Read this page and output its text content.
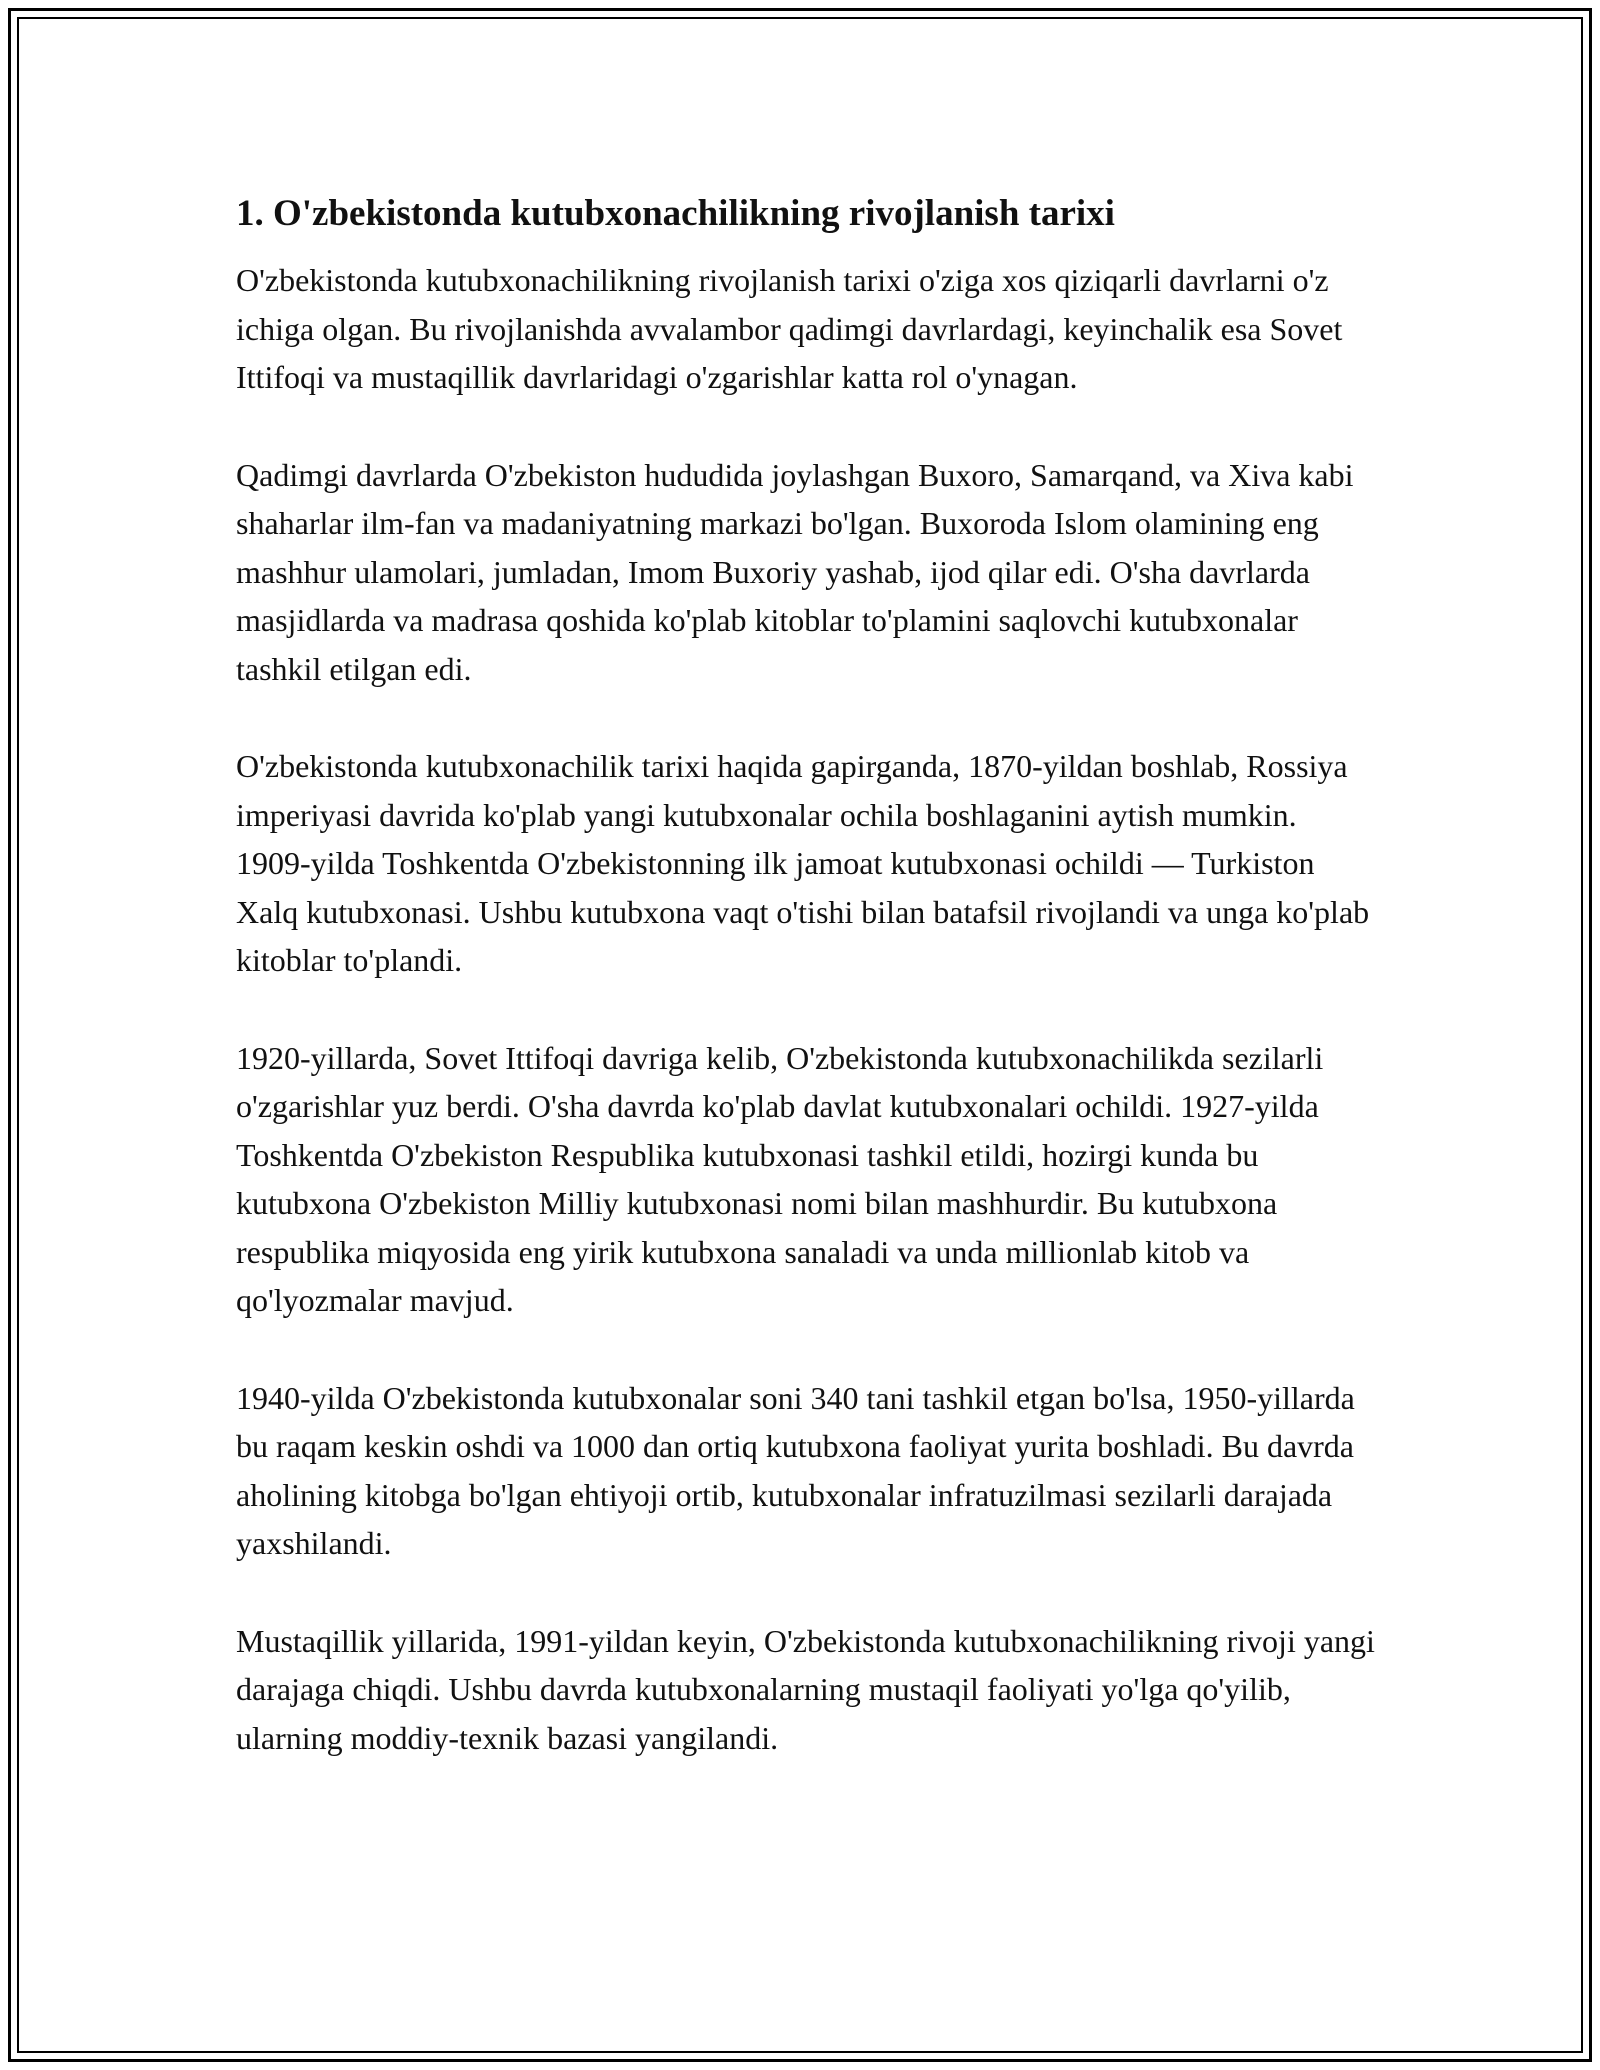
1. O'zbekistonda kutubxonachilikning rivojlanish tarixi

O'zbekistonda kutubxonachilikning rivojlanish tarixi o'ziga xos qiziqarli davrlarni o'z ichiga olgan. Bu rivojlanishda avvalambor qadimgi davrlardagi, keyinchalik esa Sovet Ittifoqi va mustaqillik davrlaridagi o'zgarishlar katta rol o'ynagan.

Qadimgi davrlarda O'zbekiston hududida joylashgan Buxoro, Samarqand, va Xiva kabi shaharlar ilm-fan va madaniyatning markazi bo'lgan. Buxoroda Islom olamining eng mashhur ulamolari, jumladan, Imom Buxoriy yashab, ijod qilar edi. O'sha davrlarda masjidlarda va madrasa qoshida ko'plab kitoblar to'plamini saqlovchi kutubxonalar tashkil etilgan edi.

O'zbekistonda kutubxonachilik tarixi haqida gapirganda, 1870-yildan boshlab, Rossiya imperiyasi davrida ko'plab yangi kutubxonalar ochila boshlaganini aytish mumkin. 1909-yilda Toshkentda O'zbekistonning ilk jamoat kutubxonasi ochildi — Turkiston Xalq kutubxonasi. Ushbu kutubxona vaqt o'tishi bilan batafsil rivojlandi va unga ko'plab kitoblar to'plandi.

1920-yillarda, Sovet Ittifoqi davriga kelib, O'zbekistonda kutubxonachilikda sezilarli o'zgarishlar yuz berdi. O'sha davrda ko'plab davlat kutubxonalari ochildi. 1927-yilda Toshkentda O'zbekiston Respublika kutubxonasi tashkil etildi, hozirgi kunda bu kutubxona O'zbekiston Milliy kutubxonasi nomi bilan mashhurdir. Bu kutubxona respublika miqyosida eng yirik kutubxona sanaladi va unda millionlab kitob va qo'lyozmalar mavjud.

1940-yilda O'zbekistonda kutubxonalar soni 340 tani tashkil etgan bo'lsa, 1950-yillarda bu raqam keskin oshdi va 1000 dan ortiq kutubxona faoliyat yurita boshladi. Bu davrda aholining kitobga bo'lgan ehtiyoji ortib, kutubxonalar infratuzilmasi sezilarli darajada yaxshilandi.

Mustaqillik yillarida, 1991-yildan keyin, O'zbekistonda kutubxonachilikning rivoji yangi darajaga chiqdi. Ushbu davrda kutubxonalarning mustaqil faoliyati yo'lga qo'yilib, ularning moddiy-texnik bazasi yangilandi.
